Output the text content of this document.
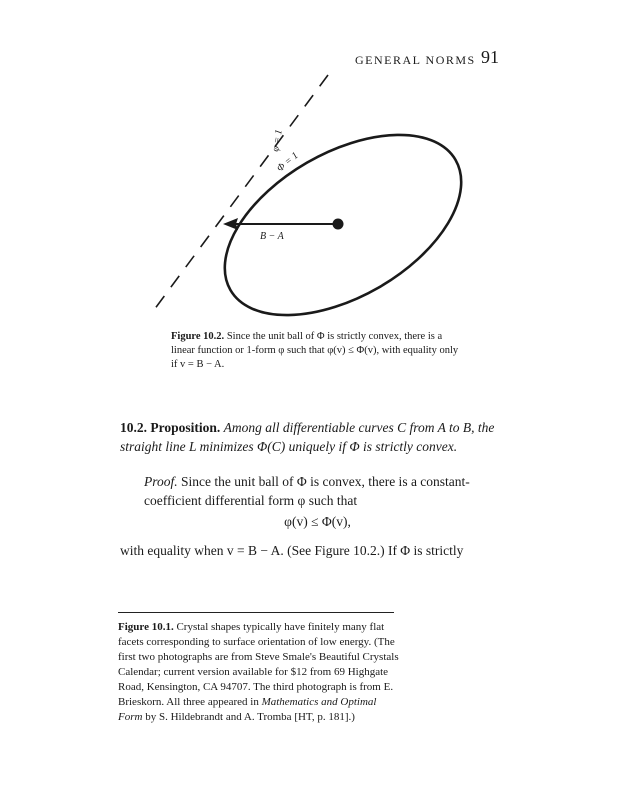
GENERAL NORMS 91
φ = 1
Φ = 1
B − A
Figure 10.2. Since the unit ball of Φ is strictly convex, there is a linear function or 1-form φ such that φ(v) ≤ Φ(v), with equality only if v = B − A.
10.2. Proposition. Among all differentiable curves C from A to B, the straight line L minimizes Φ(C) uniquely if Φ is strictly convex.
Proof. Since the unit ball of Φ is convex, there is a constant-coefficient differential form φ such that
φ(v) ≤ Φ(v),
with equality when v = B − A. (See Figure 10.2.) If Φ is strictly
Figure 10.1. Crystal shapes typically have finitely many flat facets corresponding to surface orientation of low energy. (The first two photographs are from Steve Smale's Beautiful Crystals Calendar; current version available for $12 from 69 Highgate Road, Kensington, CA 94707. The third photograph is from E. Brieskorn. All three appeared in Mathematics and Optimal Form by S. Hildebrandt and A. Tromba [HT, p. 181].)
